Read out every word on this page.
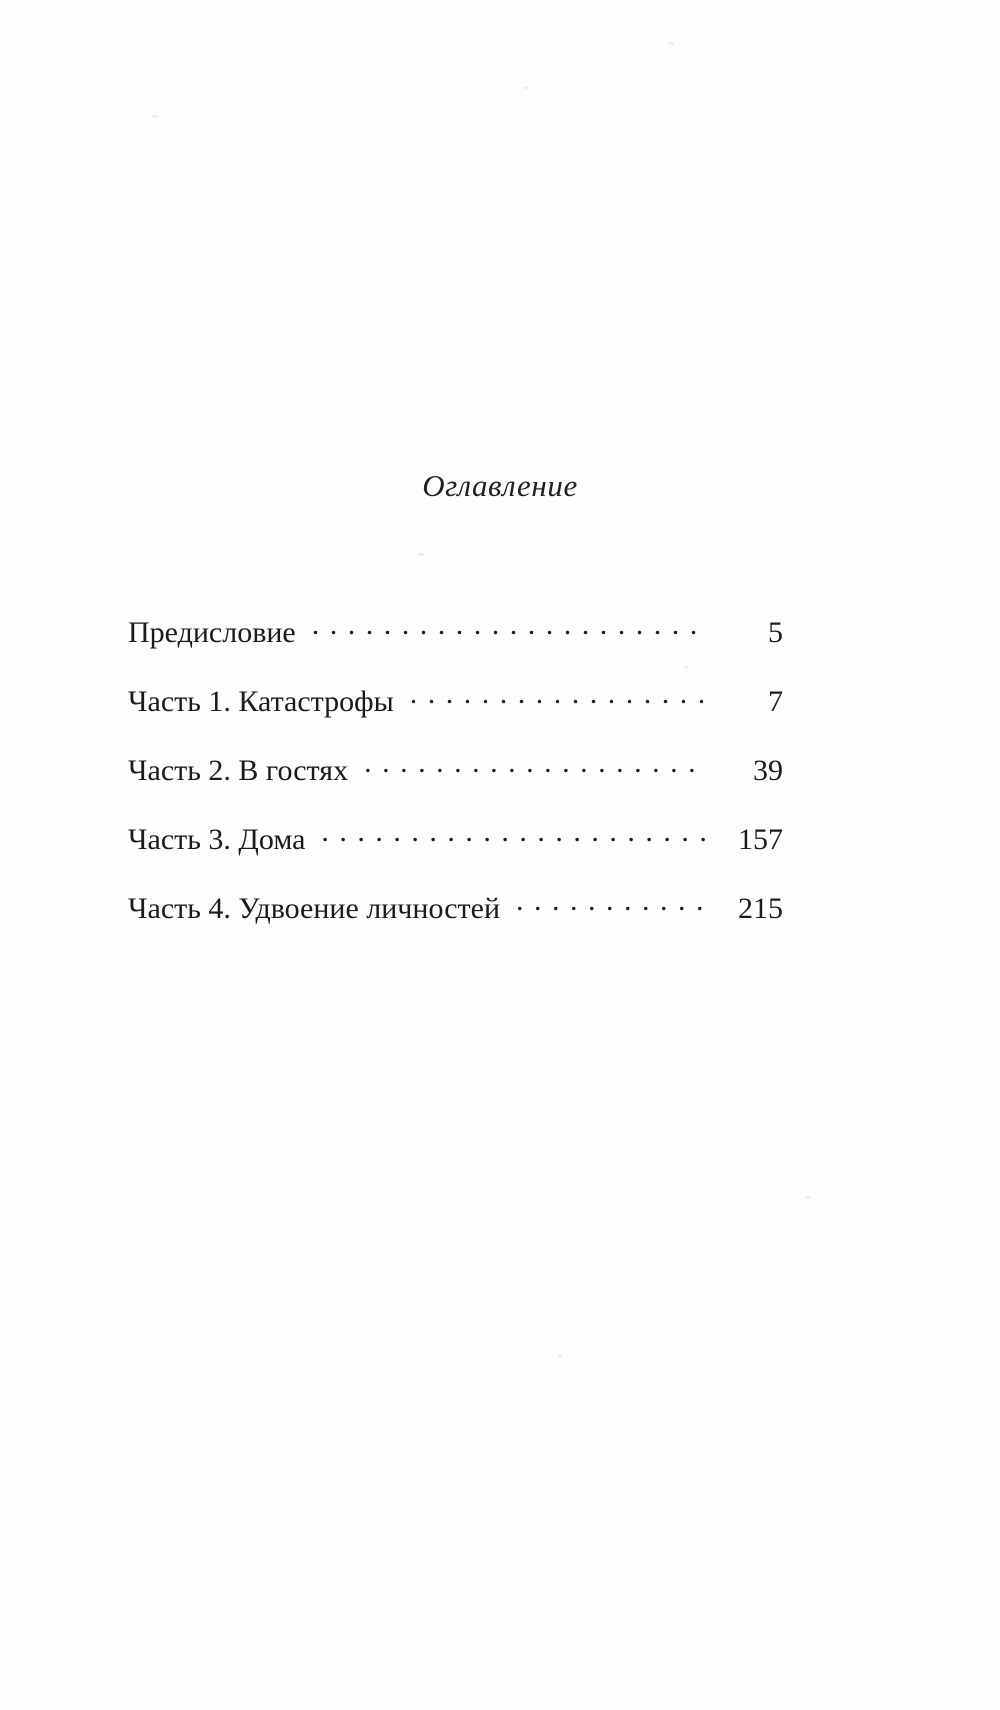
Оглавление
Предисловие . . .	5
Часть 1. Катастрофы . . .	7
Часть 2. В гостях . . .	39
Часть 3. Дома . . .	157
Часть 4. Удвоение личностей . . .	215
